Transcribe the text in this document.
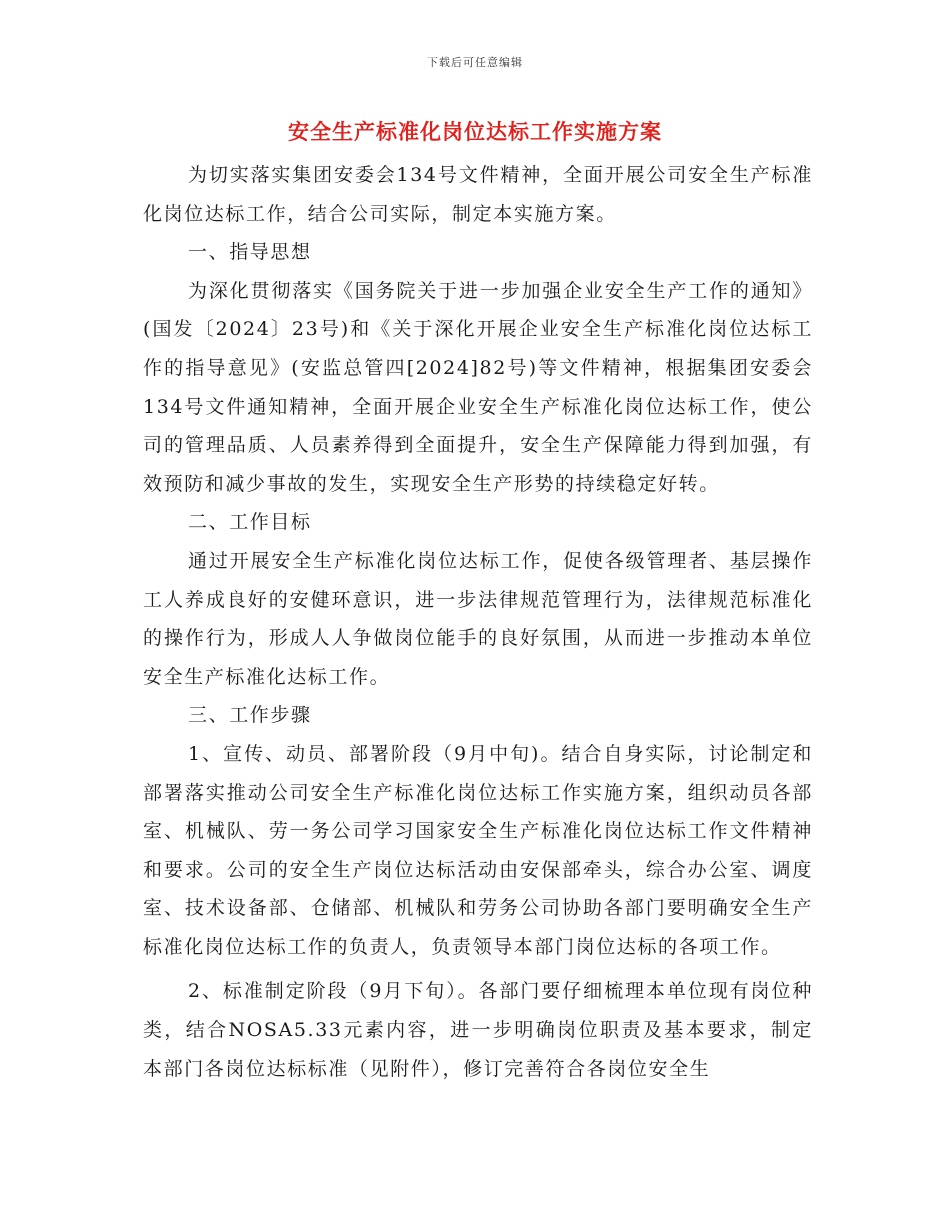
下载后可任意编辑
安全生产标准化岗位达标工作实施方案

为切实落实集团安委会134号文件精神，全面开展公司安全生产标准化岗位达标工作，结合公司实际，制定本实施方案。

一、指导思想

为深化贯彻落实《国务院关于进一步加强企业安全生产工作的通知》(国发〔2024〕23号)和《关于深化开展企业安全生产标准化岗位达标工作的指导意见》(安监总管四[2024]82号)等文件精神，根据集团安委会134号文件通知精神，全面开展企业安全生产标准化岗位达标工作，使公司的管理品质、人员素养得到全面提升，安全生产保障能力得到加强，有效预防和减少事故的发生，实现安全生产形势的持续稳定好转。

二、工作目标

通过开展安全生产标准化岗位达标工作，促使各级管理者、基层操作工人养成良好的安健环意识，进一步法律规范管理行为，法律规范标准化的操作行为，形成人人争做岗位能手的良好氛围，从而进一步推动本单位安全生产标准化达标工作。

三、工作步骤

1、宣传、动员、部署阶段（9月中旬)。结合自身实际，讨论制定和部署落实推动公司安全生产标准化岗位达标工作实施方案，组织动员各部室、机械队、劳一务公司学习国家安全生产标准化岗位达标工作文件精神和要求。公司的安全生产岗位达标活动由安保部牵头，综合办公室、调度室、技术设备部、仓储部、机械队和劳务公司协助各部门要明确安全生产标准化岗位达标工作的负责人，负责领导本部门岗位达标的各项工作。

2、标准制定阶段（9月下旬）。各部门要仔细梳理本单位现有岗位种类，结合NOSA5.33元素内容，进一步明确岗位职责及基本要求，制定本部门各岗位达标标准（见附件），修订完善符合各岗位安全生
